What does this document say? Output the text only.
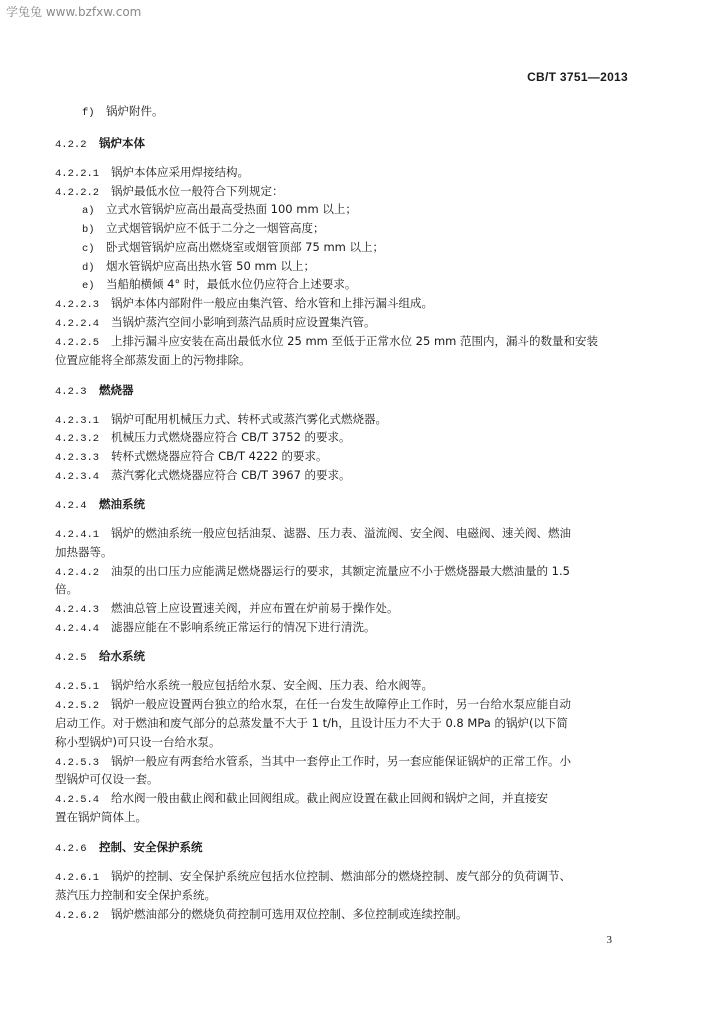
学兔兔 www.bzfxw.com
CB/T 3751—2013
f) 锅炉附件。
4.2.2 锅炉本体
4.2.2.1 锅炉本体应采用焊接结构。
4.2.2.2 锅炉最低水位一般符合下列规定：
a) 立式水管锅炉应高出最高受热面 100 mm 以上；
b) 立式烟管锅炉应不低于二分之一烟管高度；
c) 卧式烟管锅炉应高出燃烧室或烟管顶部 75 mm 以上；
d) 烟水管锅炉应高出热水管 50 mm 以上；
e) 当船舶横倾 4° 时，最低水位仍应符合上述要求。
4.2.2.3 锅炉本体内部附件一般应由集汽管、给水管和上排污漏斗组成。
4.2.2.4 当锅炉蒸汽空间小影响到蒸汽品质时应设置集汽管。
4.2.2.5 上排污漏斗应安装在高出最低水位 25 mm 至低于正常水位 25 mm 范围内，漏斗的数量和安装
位置应能将全部蒸发面上的污物排除。
4.2.3 燃烧器
4.2.3.1 锅炉可配用机械压力式、转杯式或蒸汽雾化式燃烧器。
4.2.3.2 机械压力式燃烧器应符合 CB/T 3752 的要求。
4.2.3.3 转杯式燃烧器应符合 CB/T 4222 的要求。
4.2.3.4 蒸汽雾化式燃烧器应符合 CB/T 3967 的要求。
4.2.4 燃油系统
4.2.4.1 锅炉的燃油系统一般应包括油泵、滤器、压力表、溢流阀、安全阀、电磁阀、速关阀、燃油
加热器等。
4.2.4.2 油泵的出口压力应能满足燃烧器运行的要求，其额定流量应不小于燃烧器最大燃油量的 1.5
倍。
4.2.4.3 燃油总管上应设置速关阀，并应布置在炉前易于操作处。
4.2.4.4 滤器应能在不影响系统正常运行的情况下进行清洗。
4.2.5 给水系统
4.2.5.1 锅炉给水系统一般应包括给水泵、安全阀、压力表、给水阀等。
4.2.5.2 锅炉一般应设置两台独立的给水泵，在任一台发生故障停止工作时，另一台给水泵应能自动
启动工作。对于燃油和废气部分的总蒸发量不大于 1 t/h，且设计压力不大于 0.8 MPa 的锅炉(以下简
称小型锅炉)可只设一台给水泵。
4.2.5.3 锅炉一般应有两套给水管系，当其中一套停止工作时，另一套应能保证锅炉的正常工作。小
型锅炉可仅设一套。
4.2.5.4 给水阀一般由截止阀和截止回阀组成。截止阀应设置在截止回阀和锅炉之间，并直接安
置在锅炉筒体上。
4.2.6 控制、安全保护系统
4.2.6.1 锅炉的控制、安全保护系统应包括水位控制、燃油部分的燃烧控制、废气部分的负荷调节、
蒸汽压力控制和安全保护系统。
4.2.6.2 锅炉燃油部分的燃烧负荷控制可选用双位控制、多位控制或连续控制。
3
